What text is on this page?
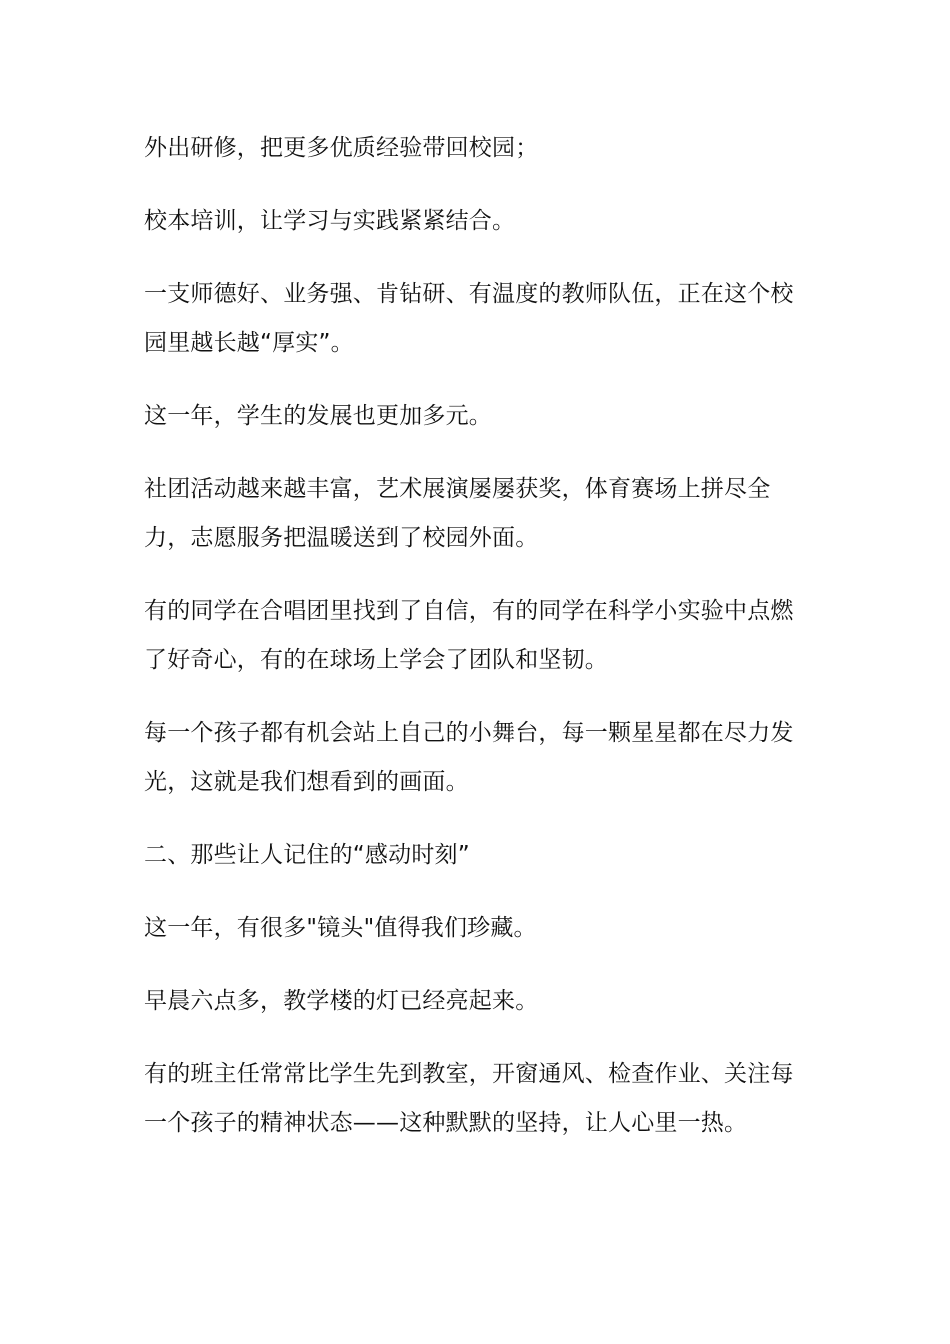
外出研修，把更多优质经验带回校园；

校本培训，让学习与实践紧紧结合。

一支师德好、业务强、肯钻研、有温度的教师队伍，正在这个校园里越长越“厚实”。

这一年，学生的发展也更加多元。

社团活动越来越丰富，艺术展演屡屡获奖，体育赛场上拼尽全力，志愿服务把温暖送到了校园外面。

有的同学在合唱团里找到了自信，有的同学在科学小实验中点燃了好奇心，有的在球场上学会了团队和坚韧。

每一个孩子都有机会站上自己的小舞台，每一颗星星都在尽力发光，这就是我们想看到的画面。

二、那些让人记住的“感动时刻”

这一年，有很多"镜头"值得我们珍藏。

早晨六点多，教学楼的灯已经亮起来。

有的班主任常常比学生先到教室，开窗通风、检查作业、关注每一个孩子的精神状态——这种默默的坚持，让人心里一热。
